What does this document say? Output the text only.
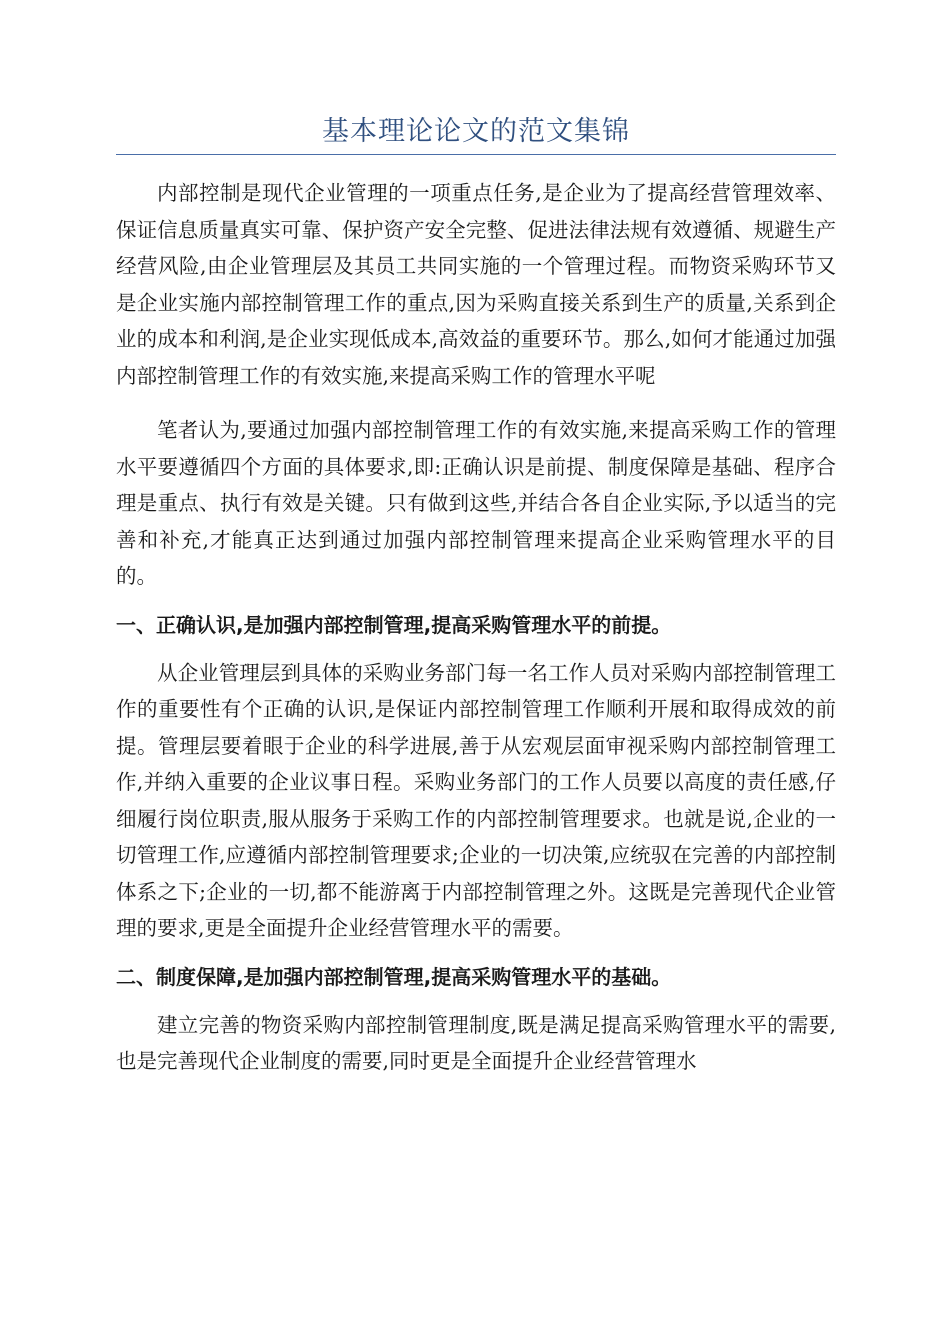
基本理论论文的范文集锦

内部控制是现代企业管理的一项重点任务,是企业为了提高经营管理效率、保证信息质量真实可靠、保护资产安全完整、促进法律法规有效遵循、规避生产经营风险,由企业管理层及其员工共同实施的一个管理过程。而物资采购环节又是企业实施内部控制管理工作的重点,因为采购直接关系到生产的质量,关系到企业的成本和利润,是企业实现低成本,高效益的重要环节。那么,如何才能通过加强内部控制管理工作的有效实施,来提高采购工作的管理水平呢

笔者认为,要通过加强内部控制管理工作的有效实施,来提高采购工作的管理水平要遵循四个方面的具体要求,即:正确认识是前提、制度保障是基础、程序合理是重点、执行有效是关键。只有做到这些,并结合各自企业实际,予以适当的完善和补充,才能真正达到通过加强内部控制管理来提高企业采购管理水平的目的。

一、正确认识,是加强内部控制管理,提高采购管理水平的前提。

从企业管理层到具体的采购业务部门每一名工作人员对采购内部控制管理工作的重要性有个正确的认识,是保证内部控制管理工作顺利开展和取得成效的前提。管理层要着眼于企业的科学进展,善于从宏观层面审视采购内部控制管理工作,并纳入重要的企业议事日程。采购业务部门的工作人员要以高度的责任感,仔细履行岗位职责,服从服务于采购工作的内部控制管理要求。也就是说,企业的一切管理工作,应遵循内部控制管理要求;企业的一切决策,应统驭在完善的内部控制体系之下;企业的一切,都不能游离于内部控制管理之外。这既是完善现代企业管理的要求,更是全面提升企业经营管理水平的需要。

二、制度保障,是加强内部控制管理,提高采购管理水平的基础。

建立完善的物资采购内部控制管理制度,既是满足提高采购管理水平的需要,也是完善现代企业制度的需要,同时更是全面提升企业经营管理水
